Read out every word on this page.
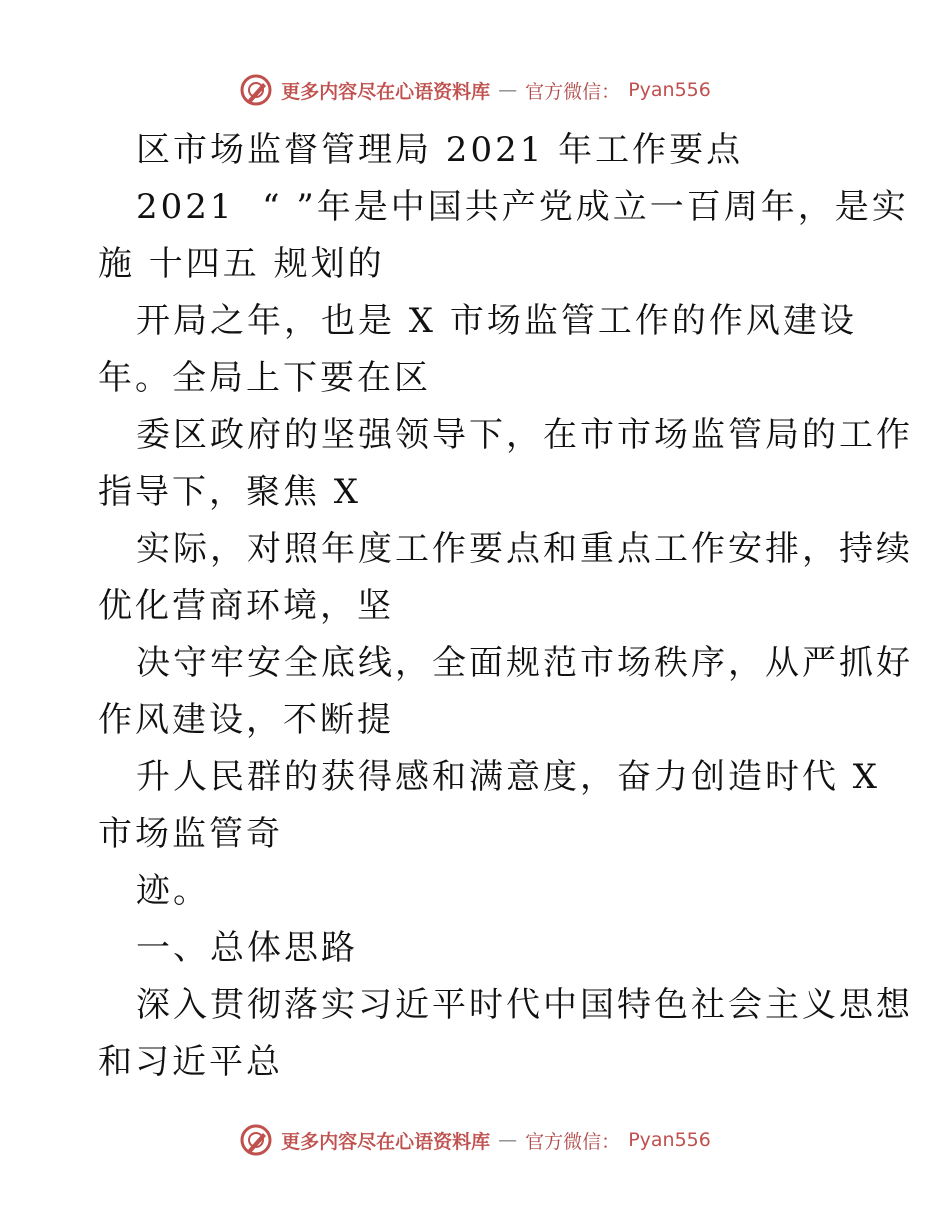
更多内容尽在心语资料库 — 官方微信： Pyan556
区市场监督管理局 2021 年工作要点
2021  “ ”年是中国共产党成立一百周年，是实
施 十四五 规划的
开局之年，也是 X 市场监管工作的作风建设
年。全局上下要在区
委区政府的坚强领导下，在市市场监管局的工作
指导下，聚焦 X
实际，对照年度工作要点和重点工作安排，持续
优化营商环境，坚
决守牢安全底线，全面规范市场秩序，从严抓好
作风建设，不断提
升人民群的获得感和满意度，奋力创造时代 X
市场监管奇
迹。
一、总体思路
深入贯彻落实习近平时代中国特色社会主义思想
和习近平总
更多内容尽在心语资料库 — 官方微信： Pyan556
